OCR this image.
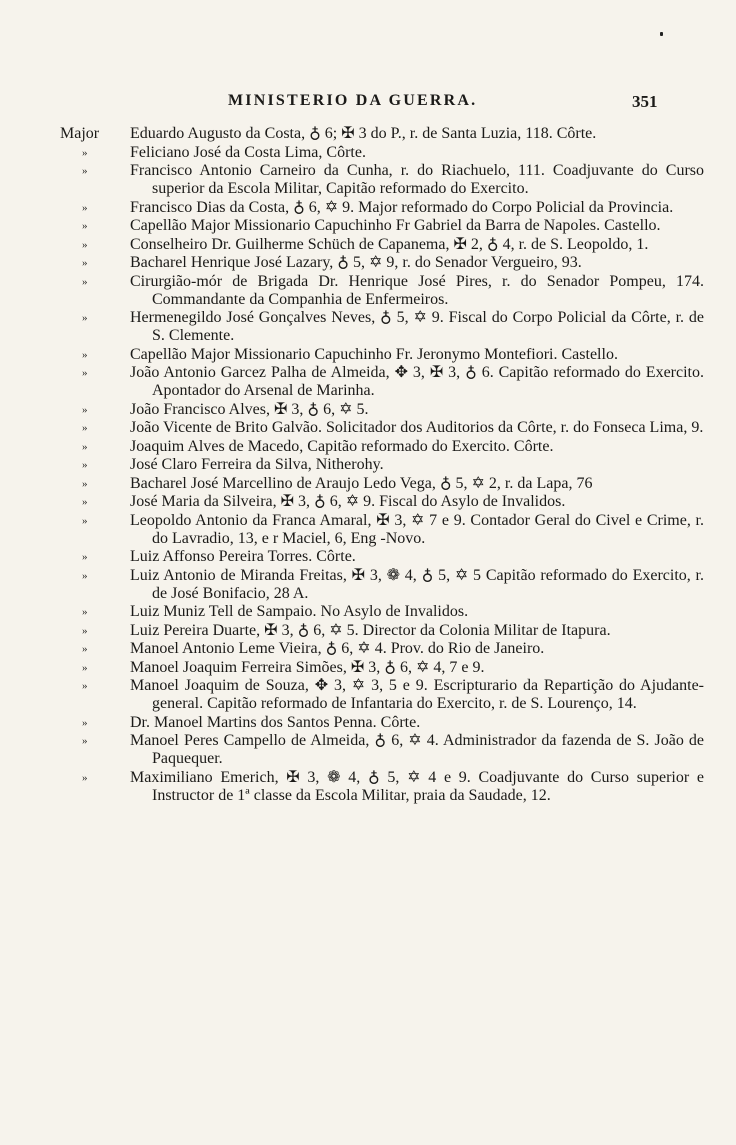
MINISTERIO DA GUERRA.	351
Major	Eduardo Augusto da Costa, ♁ 6; ✠ 3 do P., r. de Santa Luzia, 118. Côrte.
»	Feliciano José da Costa Lima, Côrte.
»	Francisco Antonio Carneiro da Cunha, r. do Riachuelo, 111. Coadjuvante do Curso superior da Escola Militar, Capitão reformado do Exercito.
»	Francisco Dias da Costa, ♁ 6, ✡ 9. Major reformado do Corpo Policial da Provincia.
»	Capellão Major Missionario Capuchinho Fr Gabriel da Barra de Napoles. Castello.
»	Conselheiro Dr. Guilherme Schüch de Capanema, ✠ 2, ♁ 4, r. de S. Leopoldo, 1.
»	Bacharel Henrique José Lazary, ♁ 5, ✡ 9, r. do Senador Vergueiro, 93.
»	Cirurgião-mór de Brigada Dr. Henrique José Pires, r. do Senador Pompeu, 174. Commandante da Companhia de Enfermeiros.
»	Hermenegildo José Gonçalves Neves, ♁ 5, ✡ 9. Fiscal do Corpo Policial da Côrte, r. de S. Clemente.
»	Capellão Major Missionario Capuchinho Fr. Jeronymo Montefiori. Castello.
»	João Antonio Garcez Palha de Almeida, ✥ 3, ✠ 3, ♁ 6. Capitão reformado do Exercito. Apontador do Arsenal de Marinha.
»	João Francisco Alves, ✠ 3, ♁ 6, ✡ 5.
»	João Vicente de Brito Galvão. Solicitador dos Auditorios da Côrte, r. do Fonseca Lima, 9.
»	Joaquim Alves de Macedo, Capitão reformado do Exercito. Côrte.
»	José Claro Ferreira da Silva, Nitherohy.
»	Bacharel José Marcellino de Araujo Ledo Vega, ♁ 5, ✡ 2, r. da Lapa, 76
»	José Maria da Silveira, ✠ 3, ♁ 6, ✡ 9. Fiscal do Asylo de Invalidos.
»	Leopoldo Antonio da Franca Amaral, ✠ 3, ✡ 7 e 9. Contador Geral do Civel e Crime, r. do Lavradio, 13, e r Maciel, 6, Eng -Novo.
»	Luiz Affonso Pereira Torres. Côrte.
»	Luiz Antonio de Miranda Freitas, ✠ 3, ❁ 4, ♁ 5, ✡ 5 Capitão reformado do Exercito, r. de José Bonifacio, 28 A.
»	Luiz Muniz Tell de Sampaio. No Asylo de Invalidos.
»	Luiz Pereira Duarte, ✠ 3, ♁ 6, ✡ 5. Director da Colonia Militar de Itapura.
»	Manoel Antonio Leme Vieira, ♁ 6, ✡ 4. Prov. do Rio de Janeiro.
»	Manoel Joaquim Ferreira Simões, ✠ 3, ♁ 6, ✡ 4, 7 e 9.
»	Manoel Joaquim de Souza, ✥ 3, ✡ 3, 5 e 9. Escripturario da Repartição do Ajudante-general. Capitão reformado de Infantaria do Exercito, r. de S. Lourenço, 14.
»	Dr. Manoel Martins dos Santos Penna. Côrte.
»	Manoel Peres Campello de Almeida, ♁ 6, ✡ 4. Administrador da fazenda de S. João de Paquequer.
»	Maximiliano Emerich, ✠ 3, ❁ 4, ♁ 5, ✡ 4 e 9. Coadjuvante do Curso superior e Instructor de 1ª classe da Escola Militar, praia da Saudade, 12.
